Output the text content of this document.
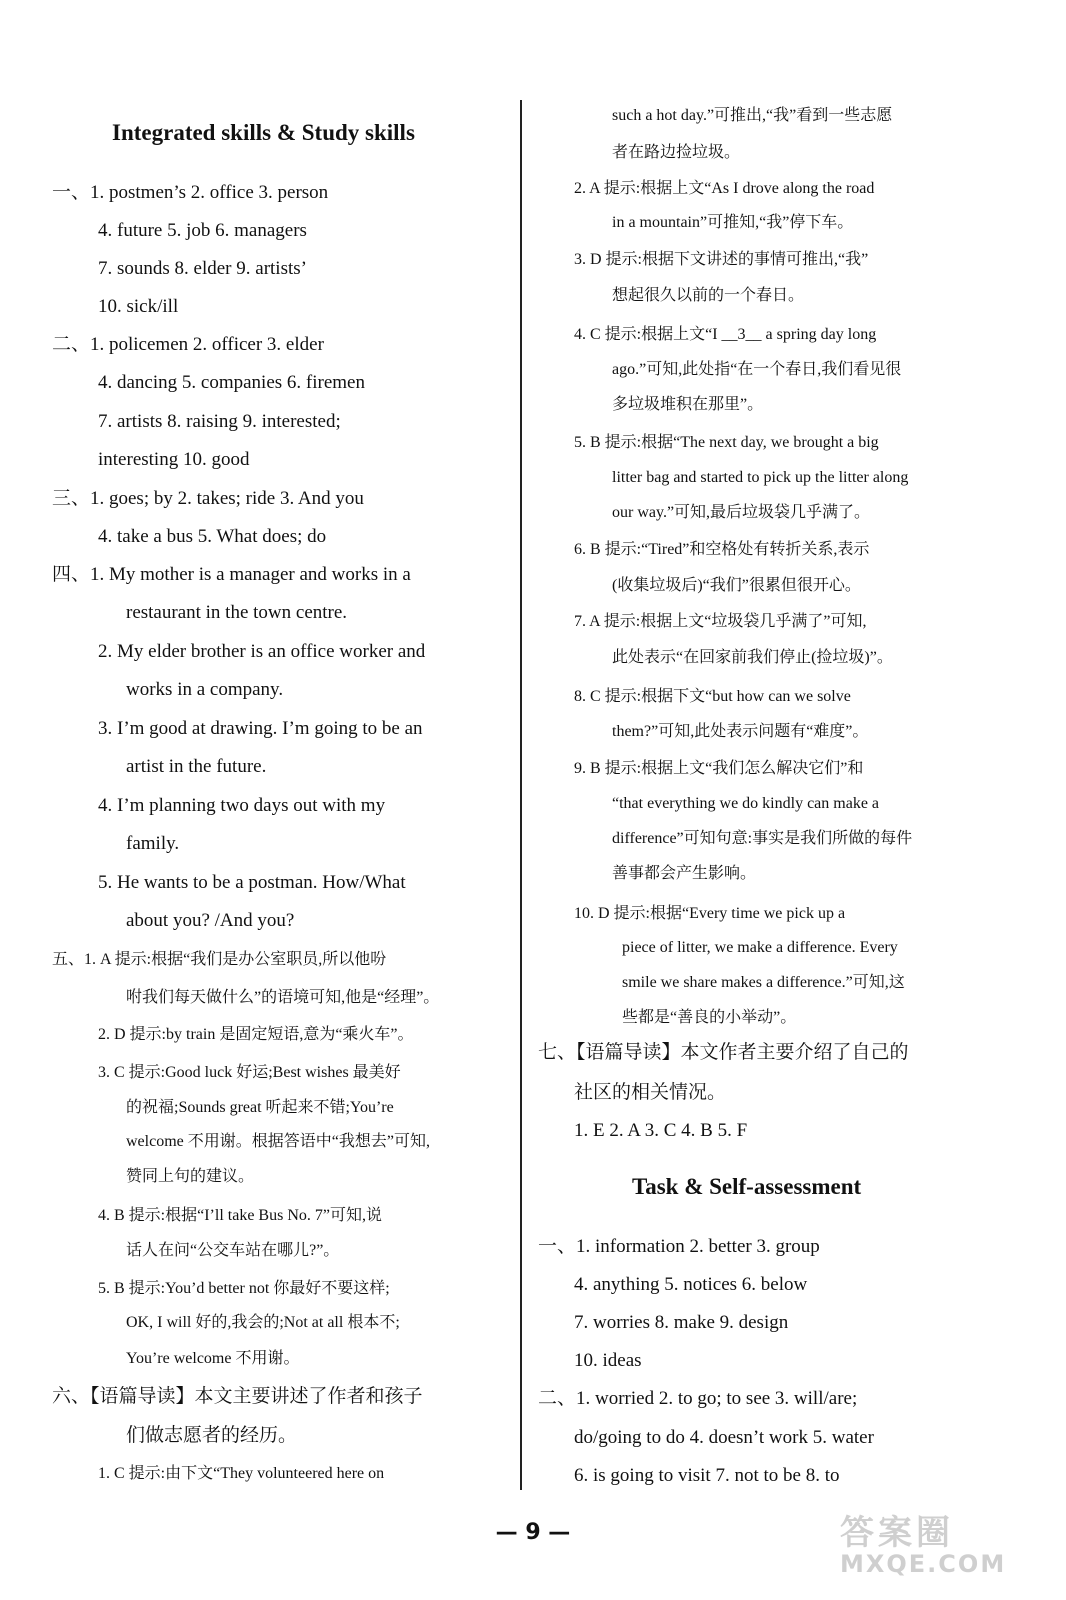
Integrated skills & Study skills
一、1. postmen’s 2. office 3. person
4. future 5. job 6. managers
7. sounds 8. elder 9. artists’
10. sick/ill
二、1. policemen 2. officer 3. elder
4. dancing 5. companies 6. firemen
7. artists 8. raising 9. interested;
interesting 10. good
三、1. goes; by 2. takes; ride 3. And you
4. take a bus 5. What does; do
四、1. My mother is a manager and works in a
restaurant in the town centre.
2. My elder brother is an office worker and
works in a company.
3. I’m good at drawing. I’m going to be an
artist in the future.
4. I’m planning two days out with my
family.
5. He wants to be a postman. How/What
about you? /And you?
五、1. A 提示:根据“我们是办公室职员,所以他吩
咐我们每天做什么”的语境可知,他是“经理”。
2. D 提示:by train 是固定短语,意为“乘火车”。
3. C 提示:Good luck 好运;Best wishes 最美好
的祝福;Sounds great 听起来不错;You’re
welcome 不用谢。根据答语中“我想去”可知,
赞同上句的建议。
4. B 提示:根据“I’ll take Bus No. 7”可知,说
话人在问“公交车站在哪儿?”。
5. B 提示:You’d better not 你最好不要这样;
OK, I will 好的,我会的;Not at all 根本不;
You’re welcome 不用谢。
六、【语篇导读】本文主要讲述了作者和孩子
们做志愿者的经历。
1. C 提示:由下文“They volunteered here on
Task & Self-assessment
such a hot day.”可推出,“我”看到一些志愿
者在路边捡垃圾。
2. A 提示:根据上文“As I drove along the road
in a mountain”可推知,“我”停下车。
3. D 提示:根据下文讲述的事情可推出,“我”
想起很久以前的一个春日。
4. C 提示:根据上文“I __3__ a spring day long
ago.”可知,此处指“在一个春日,我们看见很
多垃圾堆积在那里”。
5. B 提示:根据“The next day, we brought a big
litter bag and started to pick up the litter along
our way.”可知,最后垃圾袋几乎满了。
6. B 提示:“Tired”和空格处有转折关系,表示
(收集垃圾后)“我们”很累但很开心。
7. A 提示:根据上文“垃圾袋几乎满了”可知,
此处表示“在回家前我们停止(捡垃圾)”。
8. C 提示:根据下文“but how can we solve
them?”可知,此处表示问题有“难度”。
9. B 提示:根据上文“我们怎么解决它们”和
“that everything we do kindly can make a
difference”可知句意:事实是我们所做的每件
善事都会产生影响。
10. D 提示:根据“Every time we pick up a
piece of litter, we make a difference. Every
smile we share makes a difference.”可知,这
些都是“善良的小举动”。
七、【语篇导读】本文作者主要介绍了自己的
社区的相关情况。
1. E 2. A 3. C 4. B 5. F
一、1. information 2. better 3. group
4. anything 5. notices 6. below
7. worries 8. make 9. design
10. ideas
二、1. worried 2. to go; to see 3. will/are;
do/going to do 4. doesn’t work 5. water
6. is going to visit 7. not to be 8. to
— 9 —	答案圈
MXQE.COM
